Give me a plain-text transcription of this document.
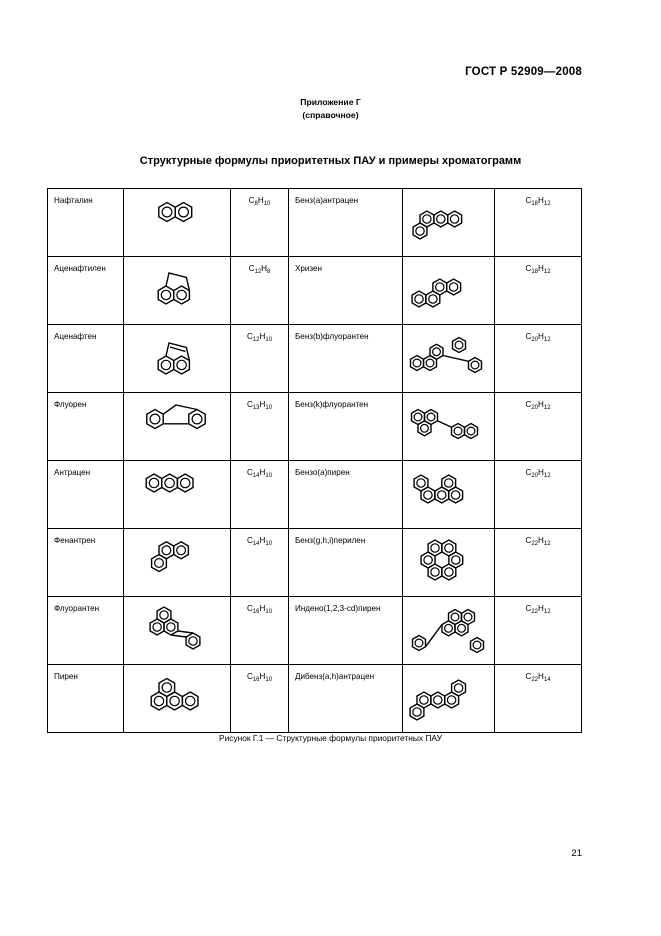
ГОСТ Р 52909—2008
Приложение Г
(справочное)
Структурные формулы приоритетных ПАУ и примеры хроматограмм
Нафталин		$C_8H_{10}$	Бенз(а)антрацен		$C_{18}H_{12}$
Аценафтилен		$C_{12}H_8$	Хризен		$C_{18}H_{12}$
Аценафтен		$C_{12}H_{10}$	Бенз(b)флуорантен		$C_{20}H_{12}$
Флуорен		$C_{13}H_{10}$	Бенз(k)флуорантен		$C_{20}H_{12}$
Антрацен		$C_{14}H_{10}$	Бензо(а)пирен		$C_{20}H_{12}$
Фенантрен		$C_{14}H_{10}$	Бенз(g,h,i)перилен		$C_{22}H_{12}$
Флуорантен		$C_{16}H_{10}$	Индено(1,2,3-cd)пирен		$C_{22}H_{12}$
Пирен		$C_{16}H_{10}$	Дибенз(а,h)антрацен		$C_{22}H_{14}$
Рисунок Г.1 — Структурные формулы приоритетных ПАУ
21
